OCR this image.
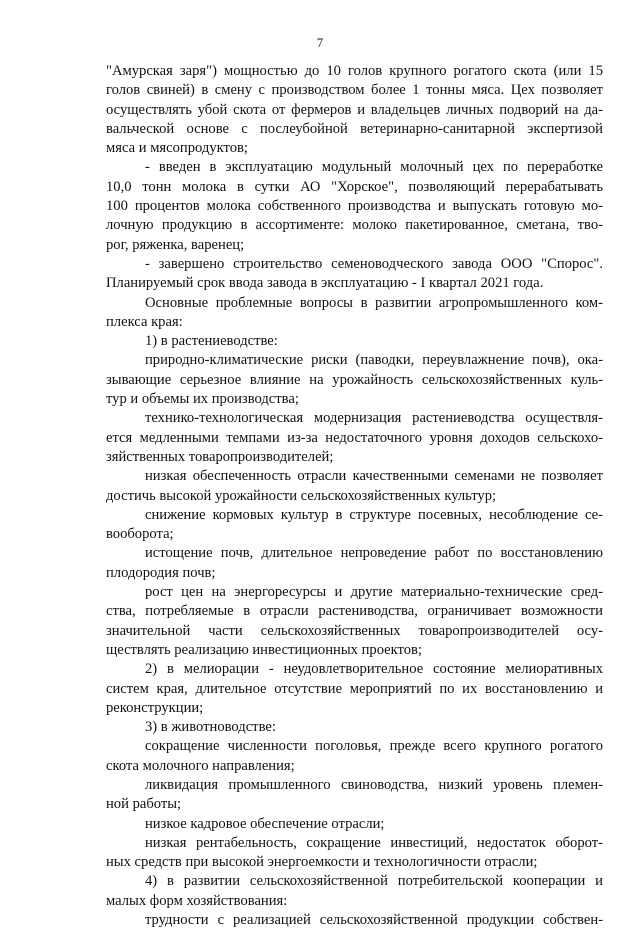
7
"Амурская заря") мощностью до 10 голов крупного рогатого скота (или 15
голов свиней) в смену с производством более 1 тонны мяса. Цех позволяет
осуществлять убой скота от фермеров и владельцев личных подворий на да-
вальческой основе с послеубойной ветеринарно-санитарной экспертизой
мяса и мясопродуктов;
- введен в эксплуатацию модульный молочный цех по переработке
10,0 тонн молока в сутки АО "Хорское", позволяющий перерабатывать
100 процентов молока собственного производства и выпускать готовую мо-
лочную продукцию в ассортименте: молоко пакетированное, сметана, тво-
рог, ряженка, варенец;
- завершено строительство семеноводческого завода ООО "Спорос".
Планируемый срок ввода завода в эксплуатацию - I квартал 2021 года.
Основные проблемные вопросы в развитии агропромышленного ком-
плекса края:
1) в растениеводстве:
природно-климатические риски (паводки, переувлажнение почв), ока-
зывающие серьезное влияние на урожайность сельскохозяйственных куль-
тур и объемы их производства;
технико-технологическая модернизация растениеводства осуществля-
ется медленными темпами из-за недостаточного уровня доходов сельскохо-
зяйственных товаропроизводителей;
низкая обеспеченность отрасли качественными семенами не позволяет
достичь высокой урожайности сельскохозяйственных культур;
снижение кормовых культур в структуре посевных, несоблюдение се-
вооборота;
истощение почв, длительное непроведение работ по восстановлению
плодородия почв;
рост цен на энергоресурсы и другие материально-технические сред-
ства, потребляемые в отрасли растениводства, ограничивает возможности
значительной части сельскохозяйственных товаропроизводителей осу-
ществлять реализацию инвестиционных проектов;
2) в мелиорации - неудовлетворительное состояние мелиоративных
систем края, длительное отсутствие мероприятий по их восстановлению и
реконструкции;
3) в животноводстве:
сокращение численности поголовья, прежде всего крупного рогатого
скота молочного направления;
ликвидация промышленного свиноводства, низкий уровень племен-
ной работы;
низкое кадровое обеспечение отрасли;
низкая рентабельность, сокращение инвестиций, недостаток оборот-
ных средств при высокой энергоемкости и технологичности отрасли;
4) в развитии сельскохозяйственной потребительской кооперации и
малых форм хозяйствования:
трудности с реализацией сельскохозяйственной продукции собствен-
